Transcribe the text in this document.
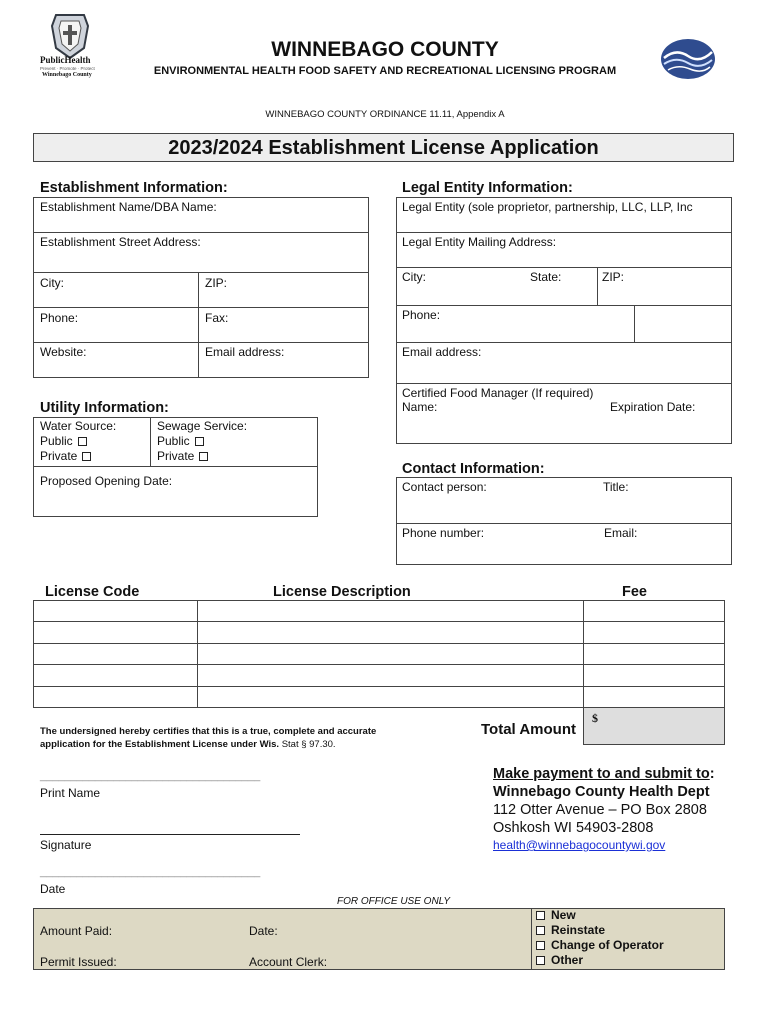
PublicHealth
Prevent · Promote · Protect
Winnebago County
WINNEBAGO COUNTY
ENVIRONMENTAL HEALTH FOOD SAFETY AND RECREATIONAL LICENSING PROGRAM
WINNEBAGO COUNTY ORDINANCE 11.11, Appendix A
2023/2024 Establishment License Application
Establishment Information:
Establishment Name/DBA Name:
Establishment Street Address:
City:	ZIP:
Phone:	Fax:
Website:	Email address:
Legal Entity Information:
Legal Entity (sole proprietor, partnership, LLC, LLP, Inc
Legal Entity Mailing Address:
City:	State:	ZIP:
Phone:
Email address:
Certified Food Manager (If required)
Name:	Expiration Date:
Utility Information:
Water Source:
Public
Private
Sewage Service:
Public
Private
Proposed Opening Date:
Contact Information:
Contact person:	Title:
Phone number:	Email:
License Code	License Description	Fee
The undersigned hereby certifies that this is a true, complete and accurate application for the Establishment License under Wis. Stat § 97.30.
Total Amount
$
____________________________________
Print Name
Signature
____________________________________
Date
Make payment to and submit to:
Winnebago County Health Dept
112 Otter Avenue – PO Box 2808
Oshkosh WI 54903-2808
health@winnebagocountywi.gov
FOR OFFICE USE ONLY
Amount Paid:	Date:
Permit Issued:	Account Clerk:
New
Reinstate
Change of Operator
Other
